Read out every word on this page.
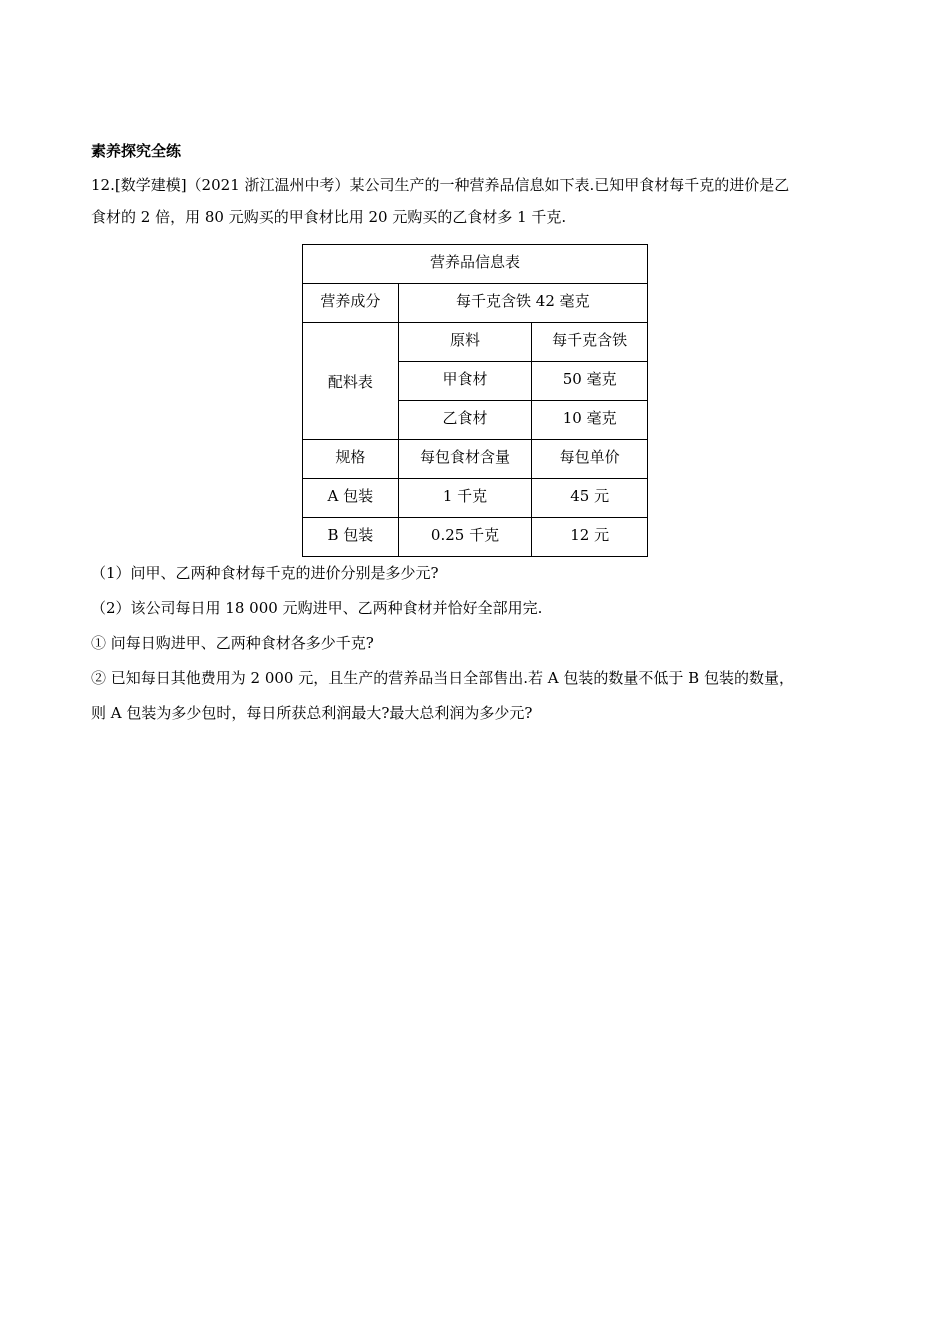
素养探究全练

12.[数学建模]（2021 浙江温州中考）某公司生产的一种营养品信息如下表.已知甲食材每千克的进价是乙

食材的 2 倍，用 80 元购买的甲食材比用 20 元购买的乙食材多 1 千克.

营养品信息表		
营养成分	每千克含铁 42 毫克	
配料表	原料	每千克含铁
	甲食材	50 毫克
	乙食材	10 毫克
规格	每包食材含量	每包单价
A 包装	1 千克	45 元
B 包装	0.25 千克	12 元

（1）问甲、乙两种食材每千克的进价分别是多少元?

（2）该公司每日用 18 000 元购进甲、乙两种食材并恰好全部用完.

① 问每日购进甲、乙两种食材各多少千克?

② 已知每日其他费用为 2 000 元，且生产的营养品当日全部售出.若 A 包装的数量不低于 B 包装的数量，

则 A 包装为多少包时，每日所获总利润最大?最大总利润为多少元?
